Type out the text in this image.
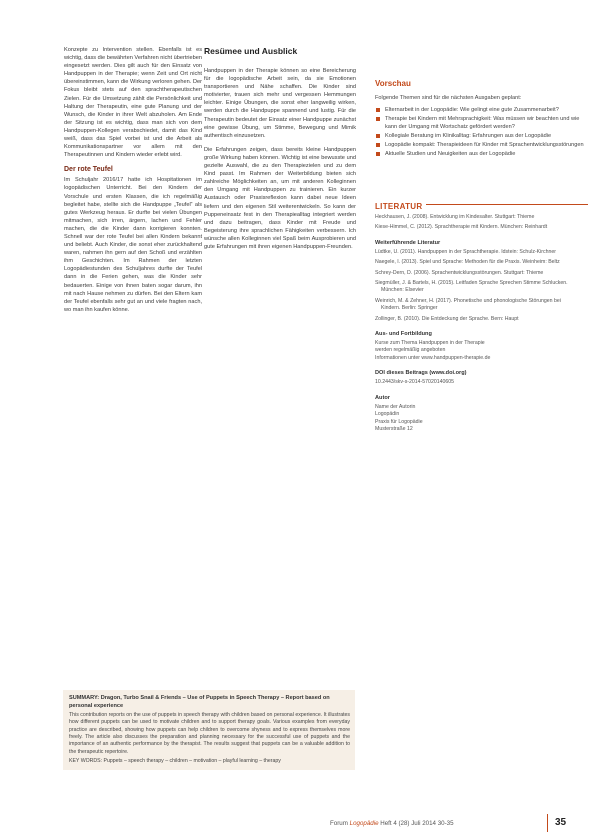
Konzepte zu Intervention stellen. Ebenfalls ist es wichtig, dass die bewährten Verfahren nicht übertrieben eingesetzt werden. Dies gilt auch für den Einsatz von Handpuppen in der Therapie; wenn Zeit und Ort nicht übereinstimmen, kann die Wirkung verloren gehen. Der Fokus bleibt stets auf den sprachtherapeutischen Zielen. Für die Umsetzung zählt die Persönlichkeit und Haltung der Therapeutin, eine gute Planung und der Wunsch, die Kinder in ihrer Welt abzuholen. Am Ende der Sitzung ist es wichtig, dass man sich von dem Handpuppen-Kollegen verabschiedet, damit das Kind weiß, dass das Spiel vorbei ist und die Arbeit als Kommunikationspartner vor allem mit den Therapeutinnen und Kindern wieder erlebt wird.

Der rote Teufel

Im Schuljahr 2016/17 hatte ich Hospitationen im logopädischen Unterricht. Bei den Kindern der Vorschule und ersten Klassen, die ich regelmäßig begleitet habe, stellte sich die Handpuppe „Teufel“ als gutes Werkzeug heraus. Er durfte bei vielen Übungen mitmachen, sich irren, ärgern, lachen und Fehler machen, die die Kinder dann korrigieren konnten. Schnell war der rote Teufel bei allen Kindern bekannt und beliebt. Auch Kinder, die sonst eher zurückhaltend waren, nahmen ihn gern auf den Schoß und erzählten ihm Geschichten. Im Rahmen der letzten Logopädiestunden des Schuljahres durfte der Teufel dann in die Ferien gehen, was die Kinder sehr bedauerten. Einige von ihnen baten sogar darum, ihn mit nach Hause nehmen zu dürfen. Bei den Eltern kam der Teufel ebenfalls sehr gut an und viele fragten nach, wo man ihn kaufen könne.

Resümee und Ausblick

Handpuppen in der Therapie können so eine Bereicherung für die logopädische Arbeit sein, da sie Emotionen transportieren und Nähe schaffen. Die Kinder sind motivierter, trauen sich mehr und vergessen Hemmungen leichter. Einige Übungen, die sonst eher langweilig wirken, werden durch die Handpuppe spannend und lustig. Für die Therapeutin bedeutet der Einsatz einer Handpuppe zunächst eine gewisse Übung, um Stimme, Bewegung und Mimik authentisch einzusetzen.

Die Erfahrungen zeigen, dass bereits kleine Handpuppen große Wirkung haben können. Wichtig ist eine bewusste und gezielte Auswahl, die zu den Therapiezielen und zu dem Kind passt. Im Rahmen der Weiterbildung bieten sich zahlreiche Möglichkeiten an, um mit anderen Kolleginnen den Umgang mit Handpuppen zu trainieren. Ein kurzer Austausch oder Praxisreflexion kann dabei neue Ideen liefern und den eigenen Stil weiterentwickeln. So kann der Puppeneinsatz fest in den Therapiealltag integriert werden und dazu beitragen, dass Kinder mit Freude und Begeisterung ihre sprachlichen Fähigkeiten verbessern. Ich wünsche allen Kolleginnen viel Spaß beim Ausprobieren und gute Erfahrungen mit ihren eigenen Handpuppen-Freunden.

Vorschau
Folgende Themen sind für die nächsten Ausgaben geplant:
Elternarbeit in der Logopädie: Wie gelingt eine gute Zusammenarbeit?
Therapie bei Kindern mit Mehrsprachigkeit: Was müssen wir beachten und wie kann der Umgang mit Wortschatz gefördert werden?
Kollegiale Beratung im Klinikalltag: Erfahrungen aus der Logopädie
Logopädie kompakt: Therapieideen für Kinder mit Sprachentwicklungsstörungen
Aktuelle Studien und Neuigkeiten aus der Logopädie
LITERATUR
Heckhausen, J. (2008). Entwicklung im Kindesalter. Stuttgart: Thieme
Kiese-Himmel, C. (2012). Sprachtherapie mit Kindern. München: Reinhardt
Weiterführende Literatur
Lüdtke, U. (2011). Handpuppen in der Sprachtherapie. Idstein: Schulz-Kirchner
Naegele, I. (2013). Spiel und Sprache: Methoden für die Praxis. Weinheim: Beltz
Schrey-Dern, D. (2006). Sprachentwicklungsstörungen. Stuttgart: Thieme
Siegmüller, J. & Bartels, H. (2015). Leitfaden Sprache Sprechen Stimme Schlucken. München: Elsevier
Weinrich, M. & Zehner, H. (2017). Phonetische und phonologische Störungen bei Kindern. Berlin: Springer
Zollinger, B. (2010). Die Entdeckung der Sprache. Bern: Haupt
Aus- und Fortbildung
Kurse zum Thema Handpuppen in der Therapie
werden regelmäßig angeboten
Informationen unter www.handpuppen-therapie.de
DOI dieses Beitrags (www.doi.org)
10.2443/skv-s-2014-57020140605
Autor
Name der Autorin
Logopädin
Praxis für Logopädie
Musterstraße 12
SUMMARY: Dragon, Turbo Snail & Friends – Use of Puppets in Speech Therapy – Report based on personal experience
This contribution reports on the use of puppets in speech therapy with children based on personal experience. It illustrates how different puppets can be used to motivate children and to support therapy goals. Various examples from everyday practice are described, showing how puppets can help children to overcome shyness and to express themselves more freely. The article also discusses the preparation and planning necessary for the successful use of puppets and the importance of an authentic performance by the therapist. The results suggest that puppets can be a valuable addition to the therapeutic repertoire.
KEY WORDS: Puppets – speech therapy – children – motivation – playful learning – therapy
Forum Logopädie Heft 4 (28) Juli 2014 30-35	35
